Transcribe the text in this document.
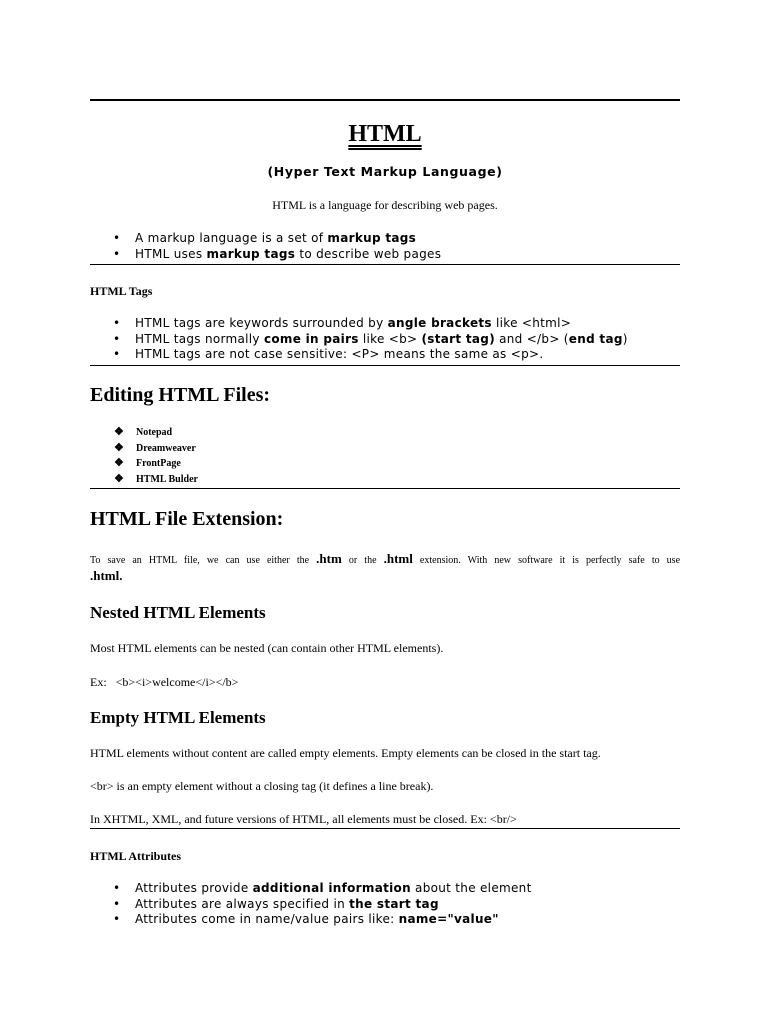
HTML
(Hyper Text Markup Language)
HTML is a language for describing web pages.
• A markup language is a set of markup tags
• HTML uses markup tags to describe web pages
HTML Tags
• HTML tags are keywords surrounded by angle brackets like <html>
• HTML tags normally come in pairs like <b> (start tag) and </b> (end tag)
• HTML tags are not case sensitive: <P> means the same as <p>.
Editing HTML Files:
❖ Notepad
❖ Dreamweaver
❖ FrontPage
❖ HTML Bulder
HTML File Extension:
To save an HTML file, we can use either the .htm or the .html extension. With new software it is perfectly safe to use
.html.
Nested HTML Elements
Most HTML elements can be nested (can contain other HTML elements).
Ex:   <b><i>welcome</i></b>
Empty HTML Elements
HTML elements without content are called empty elements. Empty elements can be closed in the start tag.
<br> is an empty element without a closing tag (it defines a line break).
In XHTML, XML, and future versions of HTML, all elements must be closed. Ex: <br/>
HTML Attributes
• Attributes provide additional information about the element
• Attributes are always specified in the start tag
• Attributes come in name/value pairs like: name="value"
